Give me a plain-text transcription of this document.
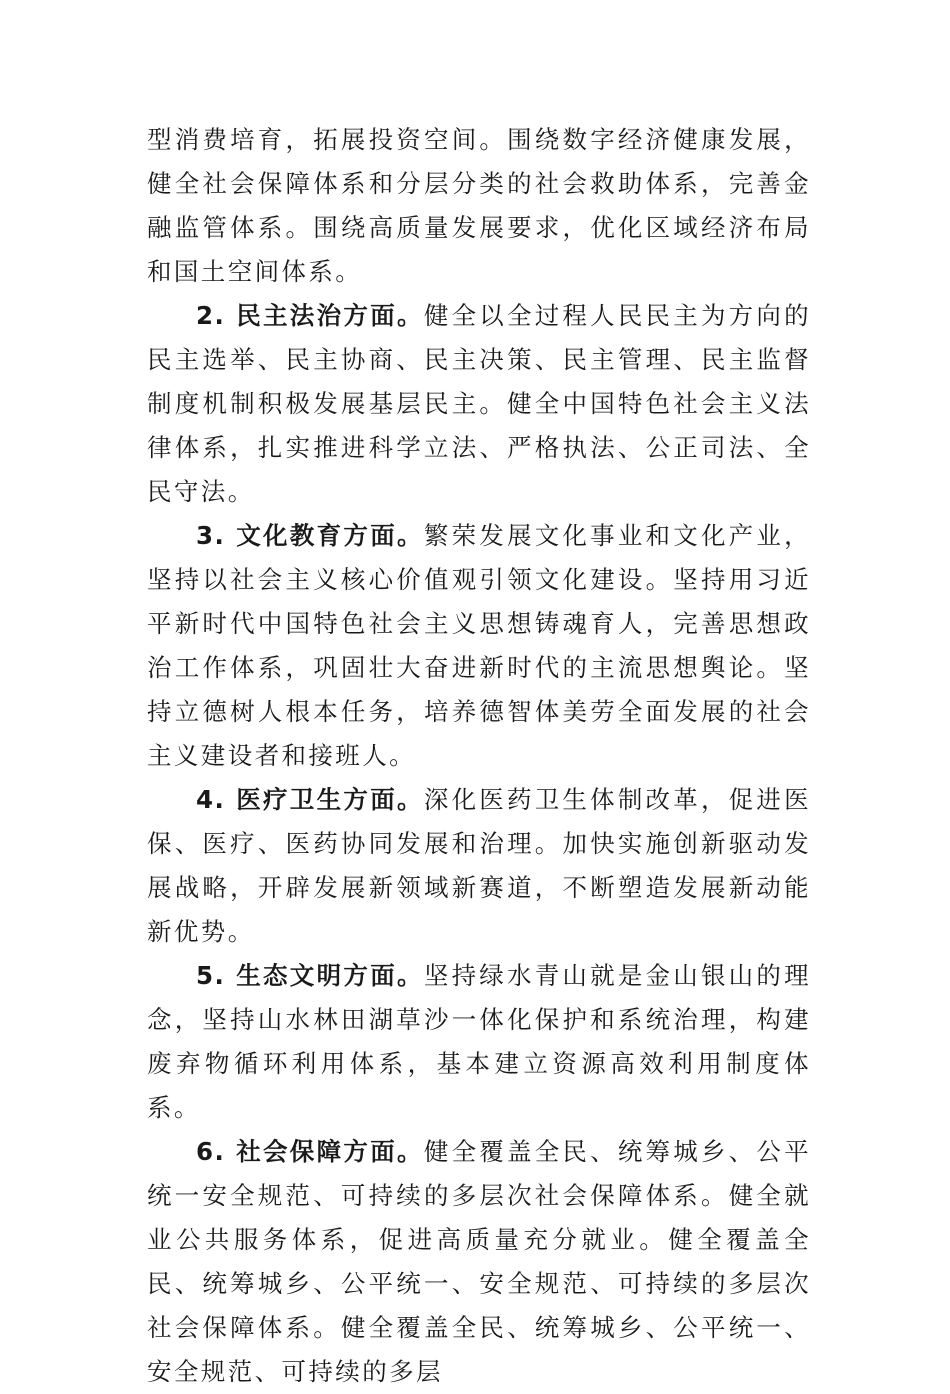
型消费培育，拓展投资空间。围绕数字经济健康发展，健全社会保障体系和分层分类的社会救助体系，完善金融监管体系。围绕高质量发展要求，优化区域经济布局和国土空间体系。

2. 民主法治方面。健全以全过程人民民主为方向的民主选举、民主协商、民主决策、民主管理、民主监督制度机制积极发展基层民主。健全中国特色社会主义法律体系，扎实推进科学立法、严格执法、公正司法、全民守法。

3. 文化教育方面。繁荣发展文化事业和文化产业，坚持以社会主义核心价值观引领文化建设。坚持用习近平新时代中国特色社会主义思想铸魂育人，完善思想政治工作体系，巩固壮大奋进新时代的主流思想舆论。坚持立德树人根本任务，培养德智体美劳全面发展的社会主义建设者和接班人。

4. 医疗卫生方面。深化医药卫生体制改革，促进医保、医疗、医药协同发展和治理。加快实施创新驱动发展战略，开辟发展新领域新赛道，不断塑造发展新动能新优势。

5. 生态文明方面。坚持绿水青山就是金山银山的理念，坚持山水林田湖草沙一体化保护和系统治理，构建废弃物循环利用体系，基本建立资源高效利用制度体系。

6. 社会保障方面。健全覆盖全民、统筹城乡、公平统一安全规范、可持续的多层次社会保障体系。健全就业公共服务体系，促进高质量充分就业。健全覆盖全民、统筹城乡、公平统一、安全规范、可持续的多层次社会保障体系。健全覆盖全民、统筹城乡、公平统一、安全规范、可持续的多层
